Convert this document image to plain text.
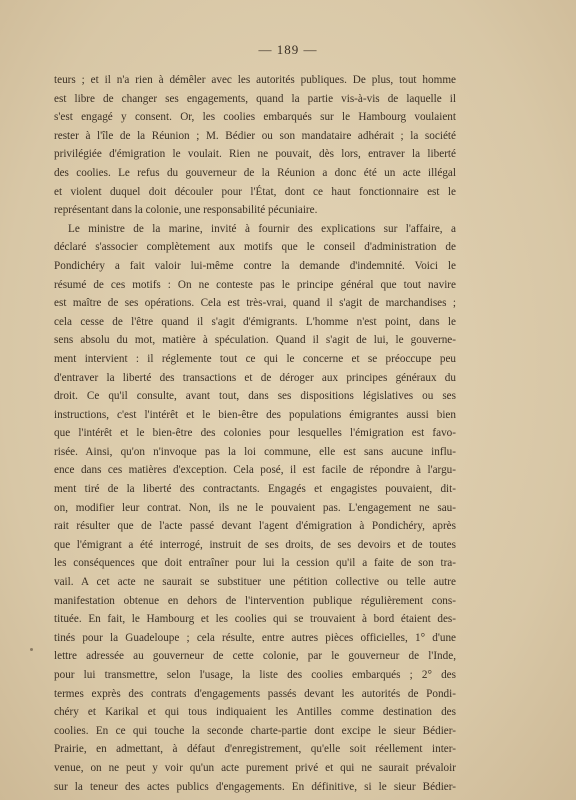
— 189 —
teurs ; et il n'a rien à démêler avec les autorités publiques. De plus, tout homme
est libre de changer ses engagements, quand la partie vis-à-vis de laquelle il
s'est engagé y consent. Or, les coolies embarqués sur le Hambourg voulaient
rester à l'île de la Réunion ; M. Bédier ou son mandataire adhérait ; la société
privilégiée d'émigration le voulait. Rien ne pouvait, dès lors, entraver la liberté
des coolies. Le refus du gouverneur de la Réunion a donc été un acte illégal
et violent duquel doit découler pour l'État, dont ce haut fonctionnaire est le
représentant dans la colonie, une responsabilité pécuniaire.
Le ministre de la marine, invité à fournir des explications sur l'affaire, a
déclaré s'associer complètement aux motifs que le conseil d'administration de
Pondichéry a fait valoir lui-même contre la demande d'indemnité. Voici le
résumé de ces motifs : On ne conteste pas le principe général que tout navire
est maître de ses opérations. Cela est très-vrai, quand il s'agit de marchandises ;
cela cesse de l'être quand il s'agit d'émigrants. L'homme n'est point, dans le
sens absolu du mot, matière à spéculation. Quand il s'agit de lui, le gouverne-
ment intervient : il réglemente tout ce qui le concerne et se préoccupe peu
d'entraver la liberté des transactions et de déroger aux principes généraux du
droit. Ce qu'il consulte, avant tout, dans ses dispositions législatives ou ses
instructions, c'est l'intérêt et le bien-être des populations émigrantes aussi bien
que l'intérêt et le bien-être des colonies pour lesquelles l'émigration est favo-
risée. Ainsi, qu'on n'invoque pas la loi commune, elle est sans aucune influ-
ence dans ces matières d'exception. Cela posé, il est facile de répondre à l'argu-
ment tiré de la liberté des contractants. Engagés et engagistes pouvaient, dit-
on, modifier leur contrat. Non, ils ne le pouvaient pas. L'engagement ne sau-
rait résulter que de l'acte passé devant l'agent d'émigration à Pondichéry, après
que l'émigrant a été interrogé, instruit de ses droits, de ses devoirs et de toutes
les conséquences que doit entraîner pour lui la cession qu'il a faite de son tra-
vail. A cet acte ne saurait se substituer une pétition collective ou telle autre
manifestation obtenue en dehors de l'intervention publique régulièrement cons-
tituée. En fait, le Hambourg et les coolies qui se trouvaient à bord étaient des-
tinés pour la Guadeloupe ; cela résulte, entre autres pièces officielles, 1° d'une
lettre adressée au gouverneur de cette colonie, par le gouverneur de l'Inde,
pour lui transmettre, selon l'usage, la liste des coolies embarqués ; 2° des
termes exprès des contrats d'engagements passés devant les autorités de Pondi-
chéry et Karikal et qui tous indiquaient les Antilles comme destination des
coolies. En ce qui touche la seconde charte-partie dont excipe le sieur Bédier-
Prairie, en admettant, à défaut d'enregistrement, qu'elle soit réellement inter-
venue, on ne peut y voir qu'un acte purement privé et qui ne saurait prévaloir
sur la teneur des actes publics d'engagements. En définitive, si le sieur Bédier-
